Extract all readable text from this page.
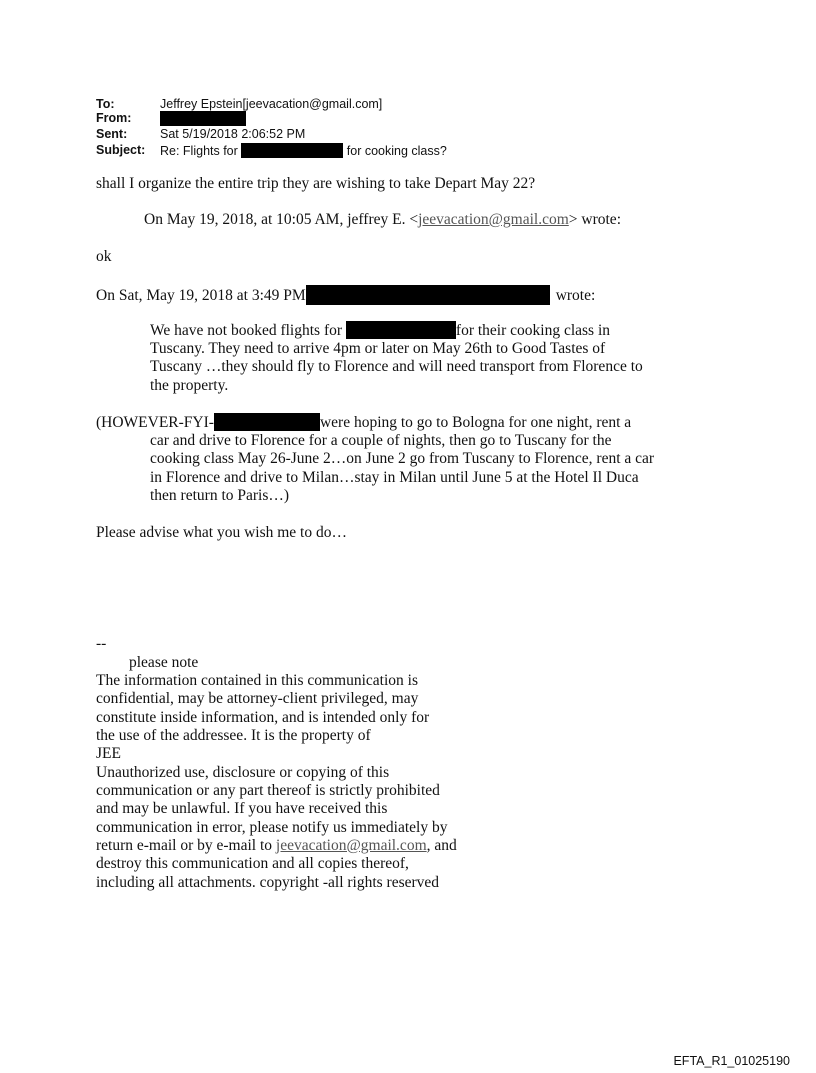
To:	Jeffrey Epstein[jeevacation@gmail.com]
From:
Sent:	Sat 5/19/2018 2:06:52 PM
Subject: Re: Flights for	for cooking class?
shall I organize the entire trip they are wishing to take Depart May 22?
On May 19, 2018, at 10:05 AM, jeffrey E. <jeevacation@gmail.com> wrote:
ok
On Sat, May 19, 2018 at 3:49 PM	wrote:
We have not booked flights for	for their cooking class in
Tuscany. They need to arrive 4pm or later on May 26th to Good Tastes of
Tuscany …they should fly to Florence and will need transport from Florence to
the property.
(HOWEVER-FYI-	were hoping to go to Bologna for one night, rent a
car and drive to Florence for a couple of nights, then go to Tuscany for the
cooking class May 26-June 2…on June 2 go from Tuscany to Florence, rent a car
in Florence and drive to Milan…stay in Milan until June 5 at the Hotel Il Duca
then return to Paris…)
Please advise what you wish me to do…
--
please note
The information contained in this communication is
confidential, may be attorney-client privileged, may
constitute inside information, and is intended only for
the use of the addressee. It is the property of
JEE
Unauthorized use, disclosure or copying of this
communication or any part thereof is strictly prohibited
and may be unlawful. If you have received this
communication in error, please notify us immediately by
return e-mail or by e-mail to jeevacation@gmail.com, and
destroy this communication and all copies thereof,
including all attachments. copyright -all rights reserved
EFTA_R1_01025190
